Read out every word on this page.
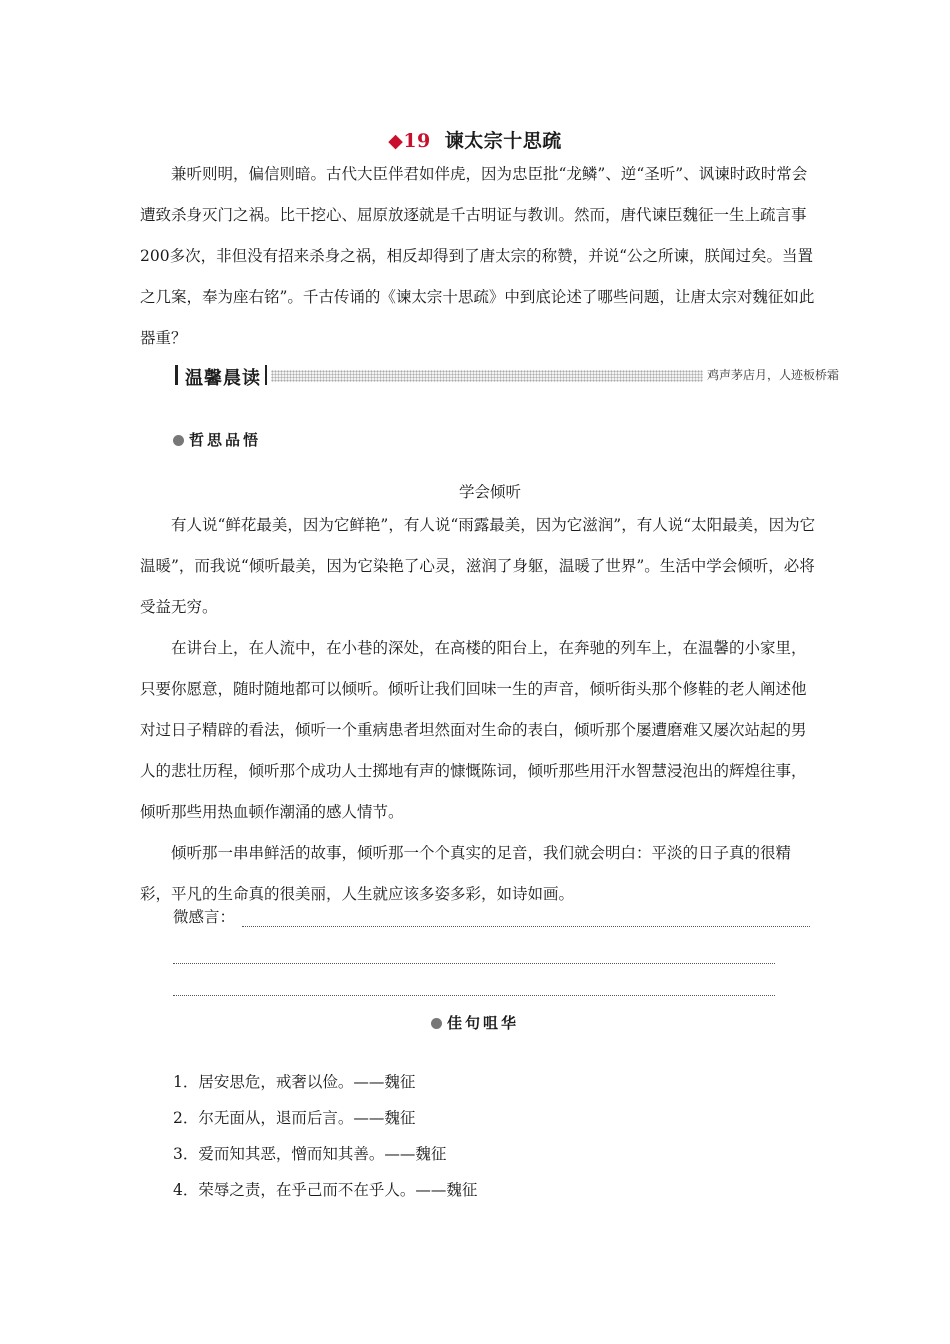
◆19 谏太宗十思疏

兼听则明，偏信则暗。古代大臣伴君如伴虎，因为忠臣批“龙鳞”、逆“圣听”、讽谏时政时常会遭致杀身灭门之祸。比干挖心、屈原放逐就是千古明证与教训。然而，唐代谏臣魏征一生上疏言事200多次，非但没有招来杀身之祸，相反却得到了唐太宗的称赞，并说“公之所谏，朕闻过矣。当置之几案，奉为座右铭”。千古传诵的《谏太宗十思疏》中到底论述了哪些问题，让唐太宗对魏征如此器重？

温馨晨读	鸡声茅店月，人迹板桥霜
哲思品悟
学会倾听

有人说“鲜花最美，因为它鲜艳”，有人说“雨露最美，因为它滋润”，有人说“太阳最美，因为它温暖”，而我说“倾听最美，因为它染艳了心灵，滋润了身躯，温暖了世界”。生活中学会倾听，必将受益无穷。

在讲台上，在人流中，在小巷的深处，在高楼的阳台上，在奔驰的列车上，在温馨的小家里，只要你愿意，随时随地都可以倾听。倾听让我们回味一生的声音，倾听街头那个修鞋的老人阐述他对过日子精辟的看法，倾听一个重病患者坦然面对生命的表白，倾听那个屡遭磨难又屡次站起的男人的悲壮历程，倾听那个成功人士掷地有声的慷慨陈词，倾听那些用汗水智慧浸泡出的辉煌往事，倾听那些用热血顿作潮涌的感人情节。

倾听那一串串鲜活的故事，倾听那一个个真实的足音，我们就会明白：平淡的日子真的很精彩，平凡的生命真的很美丽，人生就应该多姿多彩，如诗如画。

微感言：
佳句咀华
1．居安思危，戒奢以俭。——魏征
2．尔无面从，退而后言。——魏征
3．爱而知其恶，憎而知其善。——魏征
4．荣辱之责，在乎己而不在乎人。——魏征
